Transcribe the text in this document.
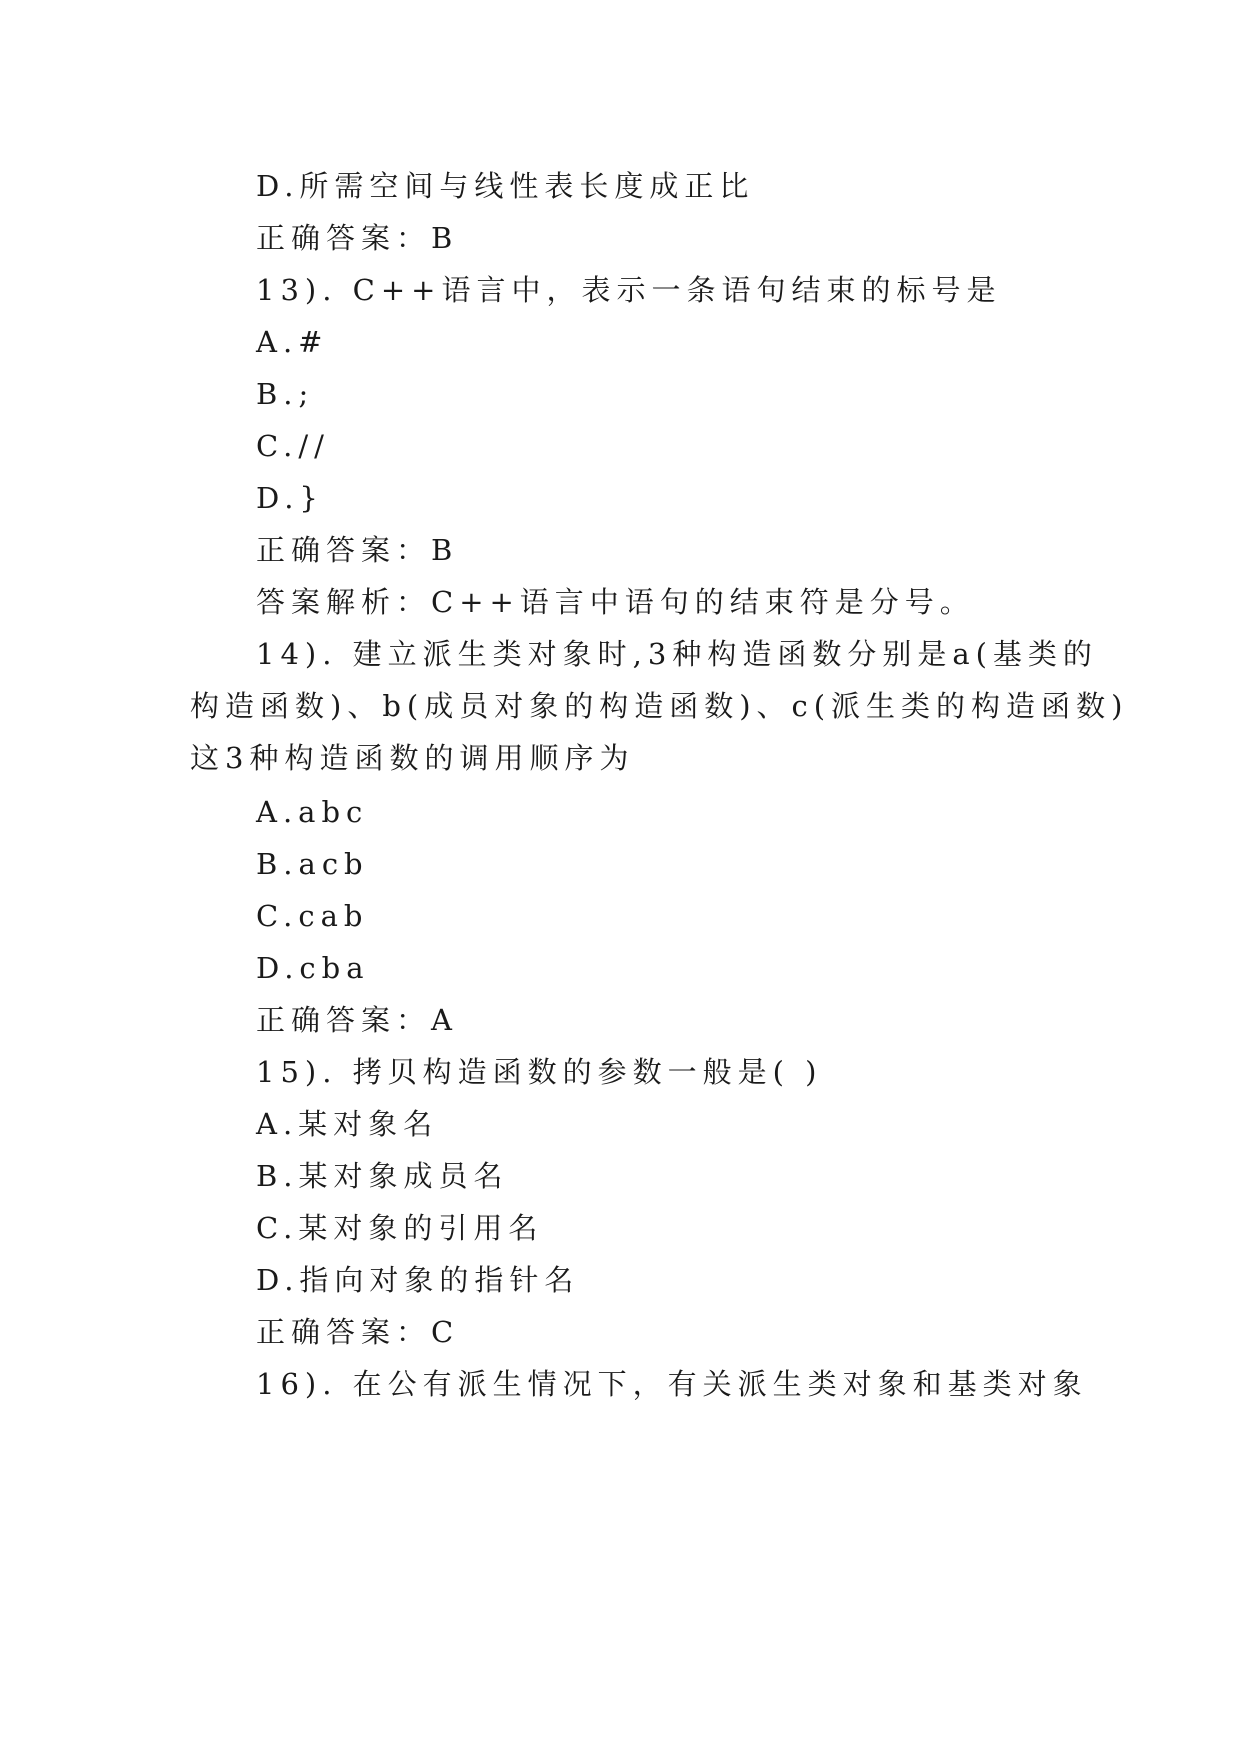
D.所需空间与线性表长度成正比
正确答案：B
13). C++语言中，表示一条语句结束的标号是
A.#
B.;
C.//
D.}
正确答案：B
答案解析：C++语言中语句的结束符是分号。
14). 建立派生类对象时,3种构造函数分别是a(基类的
构造函数)、b(成员对象的构造函数)、c(派生类的构造函数)
这3种构造函数的调用顺序为
A.abc
B.acb
C.cab
D.cba
正确答案：A
15). 拷贝构造函数的参数一般是( )
A.某对象名
B.某对象成员名
C.某对象的引用名
D.指向对象的指针名
正确答案：C
16). 在公有派生情况下，有关派生类对象和基类对象
